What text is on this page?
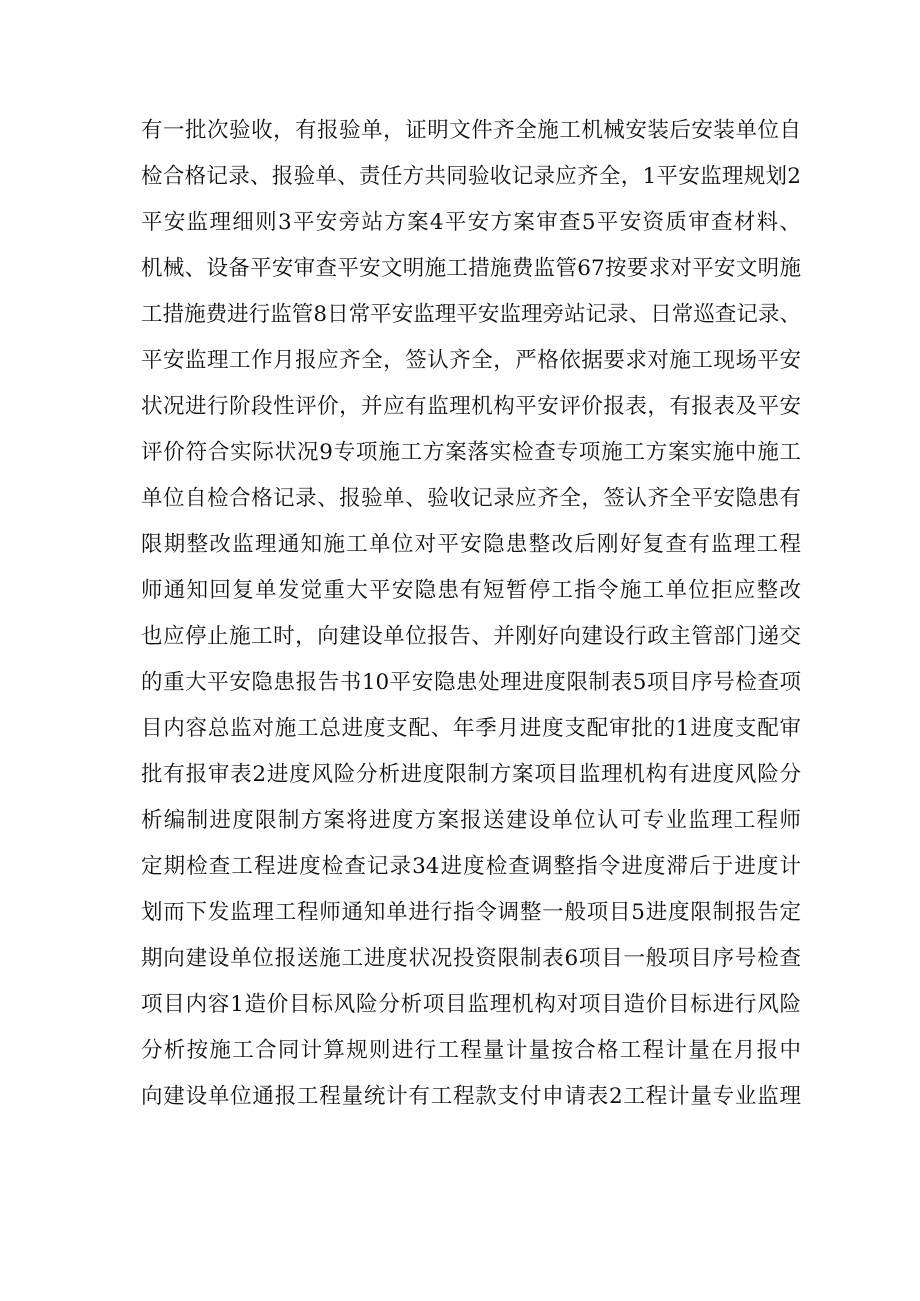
有一批次验收，有报验单，证明文件齐全施工机械安装后安装单位自
检合格记录、报验单、责任方共同验收记录应齐全，1平安监理规划2
平安监理细则3平安旁站方案4平安方案审查5平安资质审查材料、
机械、设备平安审查平安文明施工措施费监管67按要求对平安文明施
工措施费进行监管8日常平安监理平安监理旁站记录、日常巡查记录、
平安监理工作月报应齐全，签认齐全，严格依据要求对施工现场平安
状况进行阶段性评价，并应有监理机构平安评价报表，有报表及平安
评价符合实际状况9专项施工方案落实检查专项施工方案实施中施工
单位自检合格记录、报验单、验收记录应齐全，签认齐全平安隐患有
限期整改监理通知施工单位对平安隐患整改后刚好复查有监理工程
师通知回复单发觉重大平安隐患有短暂停工指令施工单位拒应整改
也应停止施工时，向建设单位报告、并刚好向建设行政主管部门递交
的重大平安隐患报告书10平安隐患处理进度限制表5项目序号检查项
目内容总监对施工总进度支配、年季月进度支配审批的1进度支配审
批有报审表2进度风险分析进度限制方案项目监理机构有进度风险分
析编制进度限制方案将进度方案报送建设单位认可专业监理工程师
定期检查工程进度检查记录34进度检查调整指令进度滞后于进度计
划而下发监理工程师通知单进行指令调整一般项目5进度限制报告定
期向建设单位报送施工进度状况投资限制表6项目一般项目序号检查
项目内容1造价目标风险分析项目监理机构对项目造价目标进行风险
分析按施工合同计算规则进行工程量计量按合格工程计量在月报中
向建设单位通报工程量统计有工程款支付申请表2工程计量专业监理
